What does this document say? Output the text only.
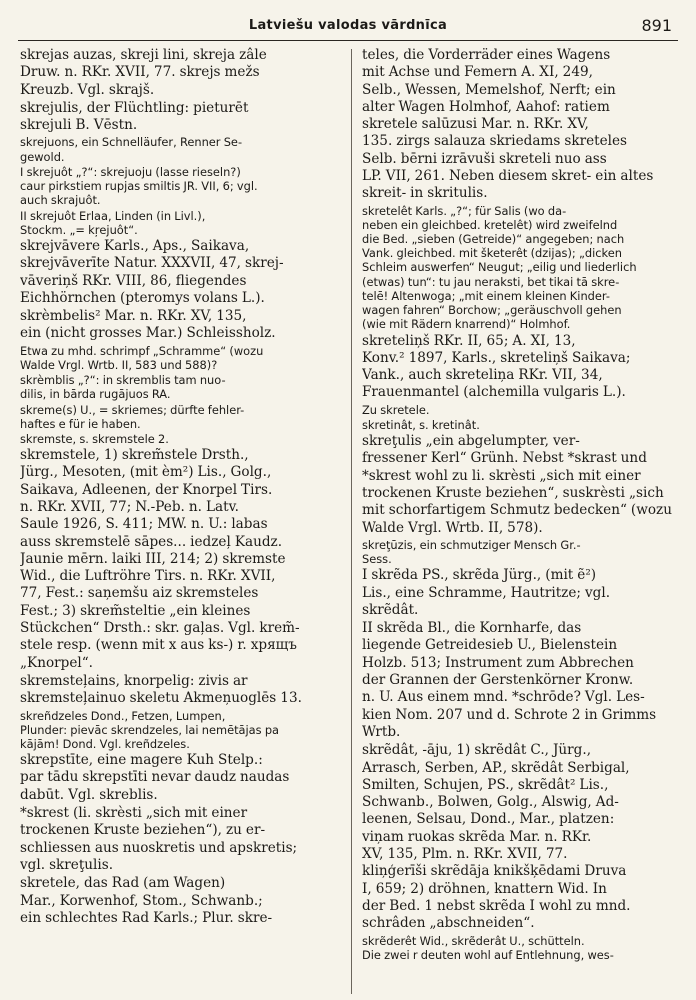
Latviešu valodas vārdnīca	891

skrejas auzas, skreji lini, skreja zâle
Druw. n. RKr. XVII, 77. skrejs mežs
Kreuzb. Vgl. skrajš.

skrejulis, der Flüchtling: pieturēt
skrejuli B. Vēstn.

skrejuons, ein Schnelläufer, Renner Se-
gewold.

I skrejuôt „?“: skrejuoju (lasse rieseln?)
caur pirkstiem rupjas smiltis JR. VII, 6; vgl.
auch skrajuôt.

II skrejuôt Erlaa, Linden (in Livl.),
Stockm. „= kŗejuôt“.

skrejvāvere Karls., Aps., Saikava,
skrejvāverīte Natur. XXXVII, 47, skrej-
vāveriņš RKr. VIII, 86, fliegendes
Eichhörnchen (pteromys volans L.).

skrèmbelis² Mar. n. RKr. XV, 135,
ein (nicht grosses Mar.) Schleissholz.

Etwa zu mhd. schrimpf „Schramme“ (wozu
Walde Vrgl. Wrtb. II, 583 und 588)?

skrèmblis „?“: in skremblis tam nuo-
dilis, in bārda rugājuos RA.

skreme(s) U., = skriemes; dürfte fehler-
haftes e für ie haben.

skremste, s. skremstele 2.

skremstele, 1) skrem̃stele Drsth.,
Jürg., Mesoten, (mit èm²) Lis., Golg.,
Saikava, Adleenen, der Knorpel Tirs.
n. RKr. XVII, 77; N.-Peb. n. Latv.
Saule 1926, S. 411; MW. n. U.: labas
auss skremstelē sāpes... iedzeļ Kaudz.
Jaunie mērn. laiki III, 214; 2) skremste
Wid., die Luftröhre Tirs. n. RKr. XVII,
77, Fest.: saņemšu aiz skremsteles
Fest.; 3) skrem̃steltie „ein kleines
Stückchen“ Drsth.: skr. gaļas. Vgl. krem̃-
stele resp. (wenn mit x aus ks-) r. хрящъ
„Knorpel“.

skremsteļains, knorpelig: zivis ar
skremsteļainuo skeletu Akmeņuoglēs 13.

skreñdzeles Dond., Fetzen, Lumpen,
Plunder: pievāc skrendzeles, lai nemētājas pa
kājām! Dond. Vgl. kreñdzeles.

skrepstīte, eine magere Kuh Stelp.:
par tādu skrepstīti nevar daudz naudas
dabūt. Vgl. skreblis.

*skrest (li. skrèsti „sich mit einer
trockenen Kruste beziehen“), zu er-
schliessen aus nuoskretis und apskretis;
vgl. skreţulis.

skretele, das Rad (am Wagen)
Mar., Korwenhof, Stom., Schwanb.;
ein schlechtes Rad Karls.; Plur. skre-

teles, die Vorderräder eines Wagens
mit Achse und Femern A. XI, 249,
Selb., Wessen, Memelshof, Nerft; ein
alter Wagen Holmhof, Aahof: ratiem
skretele salūzusi Mar. n. RKr. XV,
135. zirgs salauza skriedams skreteles
Selb. bērni izrāvuši skreteli nuo ass
LP. VII, 261. Neben diesem skret- ein altes
skreit- in skritulis.

skretelêt Karls. „?“; für Salis (wo da-
neben ein gleichbed. kretelêt) wird zweifelnd
die Bed. „sieben (Getreide)“ angegeben; nach
Vank. gleichbed. mit šketerêt (dzijas); „dicken
Schleim auswerfen“ Neugut; „eilig und liederlich
(etwas) tun“: tu jau neraksti, bet tikai tā skre-
telē! Altenwoga; „mit einem kleinen Kinder-
wagen fahren“ Borchow; „geräuschvoll gehen
(wie mit Rädern knarrend)“ Holmhof.

skreteliņš RKr. II, 65; A. XI, 13,
Konv.² 1897, Karls., skreteliņš Saikava;
Vank., auch skreteliņa RKr. VII, 34,
Frauenmantel (alchemilla vulgaris L.).

Zu skretele.

skretinât, s. kretinât.

skreţulis „ein abgelumpter, ver-
fressener Kerl“ Grünh. Nebst *skrast und
*skrest wohl zu li. skrèsti „sich mit einer
trockenen Kruste beziehen“, suskrèsti „sich
mit schorfartigem Schmutz bedecken“ (wozu
Walde Vrgl. Wrtb. II, 578).

skreţūzis, ein schmutziger Mensch Gr.-
Sess.

I skrẽda PS., skrẽda Jürg., (mit ẽ²)
Lis., eine Schramme, Hautritze; vgl.
skrẽdât.

II skrẽda Bl., die Kornharfe, das
liegende Getreidesieb U., Bielenstein
Holzb. 513; Instrument zum Abbrechen
der Grannen der Gerstenkörner Kronw.
n. U. Aus einem mnd. *schrōde? Vgl. Les-
kien Nom. 207 und d. Schrote 2 in Grimms
Wrtb.

skrẽdât, -āju, 1) skrẽdât C., Jürg.,
Arrasch, Serben, AP., skrẽdât Serbigal,
Smilten, Schujen, PS., skrẽdât² Lis.,
Schwanb., Bolwen, Golg., Alswig, Ad-
leenen, Selsau, Dond., Mar., platzen:
viņam ruokas skrẽda Mar. n. RKr.
XV, 135, Plm. n. RKr. XVII, 77.
kliņģerīši skrẽdāja knikšķēdami Druva
I, 659; 2) dröhnen, knattern Wid. In
der Bed. 1 nebst skrẽda I wohl zu mnd.
schrâden „abschneiden“.

skrẽderêt Wid., skrẽderât U., schütteln.
Die zwei r deuten wohl auf Entlehnung, wes-
